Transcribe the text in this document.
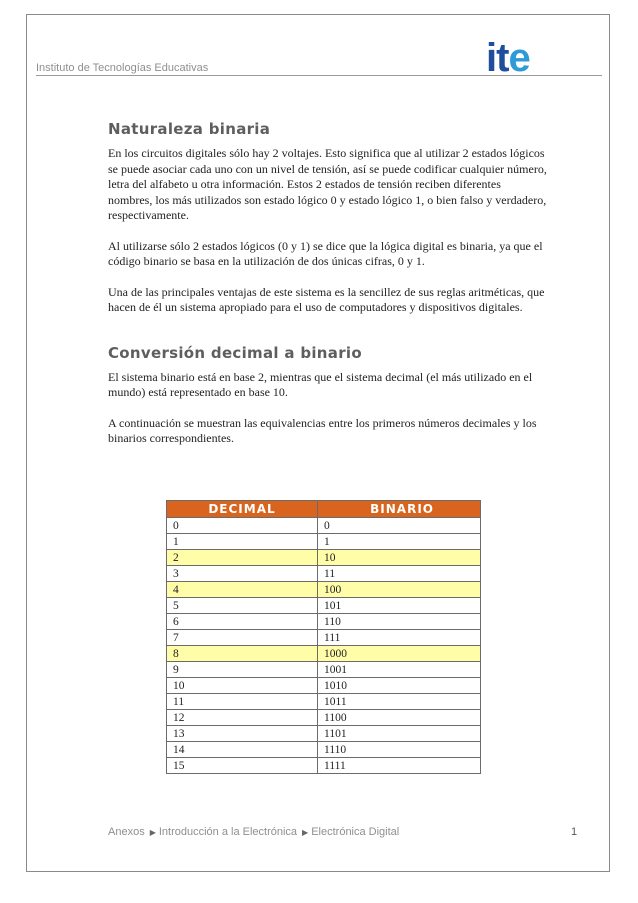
Instituto de Tecnologías Educativas	ite
Naturaleza binaria

En los circuitos digitales sólo hay 2 voltajes. Esto significa que al utilizar 2 estados lógicos se puede asociar cada uno con un nivel de tensión, así se puede codificar cualquier número, letra del alfabeto u otra información. Estos 2 estados de tensión reciben diferentes nombres, los más utilizados son estado lógico 0 y estado lógico 1, o bien falso y verdadero, respectivamente.

Al utilizarse sólo 2 estados lógicos (0 y 1) se dice que la lógica digital es binaria, ya que el código binario se basa en la utilización de dos únicas cifras, 0 y 1.

Una de las principales ventajas de este sistema es la sencillez de sus reglas aritméticas, que hacen de él un sistema apropiado para el uso de computadores y dispositivos digitales.

Conversión decimal a binario

El sistema binario está en base 2, mientras que el sistema decimal (el más utilizado en el mundo) está representado en base 10.

A continuación se muestran las equivalencias entre los primeros números decimales y los binarios correspondientes.

DECIMAL	BINARIO
0	0
1	1
2	10
3	11
4	100
5	101
6	110
7	111
8	1000
9	1001
10	1010
11	1011
12	1100
13	1101
14	1110
15	1111
Anexos ▶ Introducción a la Electrónica ▶ Electrónica Digital	1
